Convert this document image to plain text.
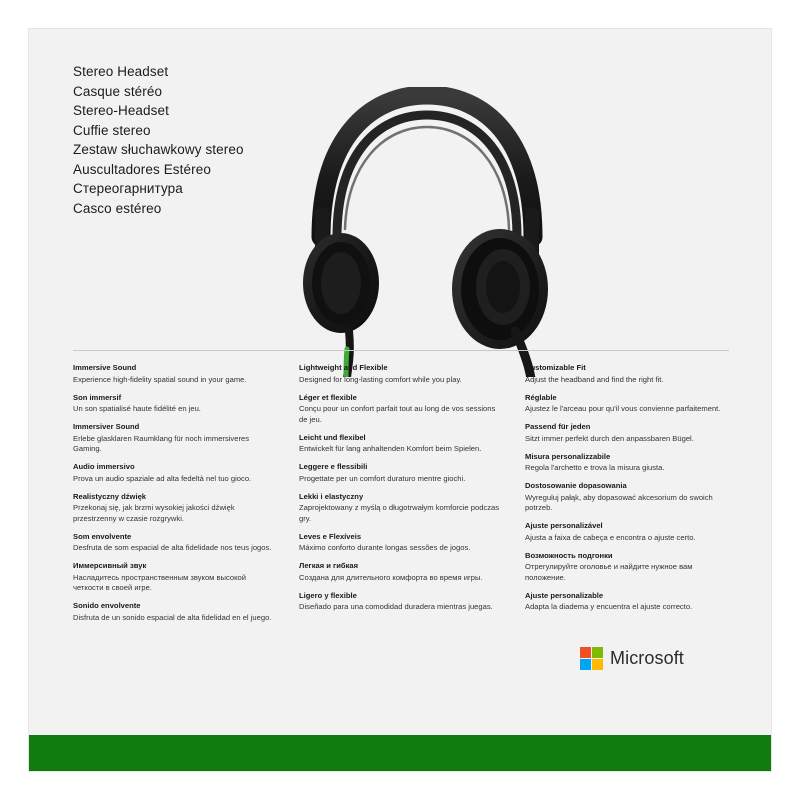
Stereo Headset
Casque stéréo
Stereo-Headset
Cuffie stereo
Zestaw słuchawkowy stereo
Auscultadores Estéreo
Стереогарнитура
Casco estéreo
Immersive Sound
Experience high-fidelity spatial sound in your game.
Son immersif
Un son spatialisé haute fidélité en jeu.
Immersiver Sound
Erlebe glasklaren Raumklang für noch immersiveres Gaming.
Audio immersivo
Prova un audio spaziale ad alta fedeltà nel tuo gioco.
Realistyczny dźwięk
Przekonaj się, jak brzmi wysokiej jakości dźwięk przestrzenny w czasie rozgrywki.
Som envolvente
Desfruta de som espacial de alta fidelidade nos teus jogos.
Иммерсивный звук
Насладитесь пространственным звуком высокой четкости в своей игре.
Sonido envolvente
Disfruta de un sonido espacial de alta fidelidad en el juego.
Lightweight and Flexible
Designed for long-lasting comfort while you play.
Léger et flexible
Conçu pour un confort parfait tout au long de vos sessions de jeu.
Leicht und flexibel
Entwickelt für lang anhaltenden Komfort beim Spielen.
Leggere e flessibili
Progettate per un comfort duraturo mentre giochi.
Lekki i elastyczny
Zaprojektowany z myślą o długotrwałym komforcie podczas gry.
Leves e Flexíveis
Máximo conforto durante longas sessões de jogos.
Легкая и гибкая
Создана для длительного комфорта во время игры.
Ligero y flexible
Diseñado para una comodidad duradera mientras juegas.
Customizable Fit
Adjust the headband and find the right fit.
Réglable
Ajustez le l'arceau pour qu'il vous convienne parfaitement.
Passend für jeden
Sitzt immer perfekt durch den anpassbaren Bügel.
Misura personalizzabile
Regola l'archetto e trova la misura giusta.
Dostosowanie dopasowania
Wyreguluj pałąk, aby dopasować akcesorium do swoich potrzeb.
Ajuste personalizável
Ajusta a faixa de cabeça e encontra o ajuste certo.
Возможность подгонки
Отрегулируйте оголовье и найдите нужное вам положение.
Ajuste personalizable
Adapta la diadema y encuentra el ajuste correcto.
Microsoft
